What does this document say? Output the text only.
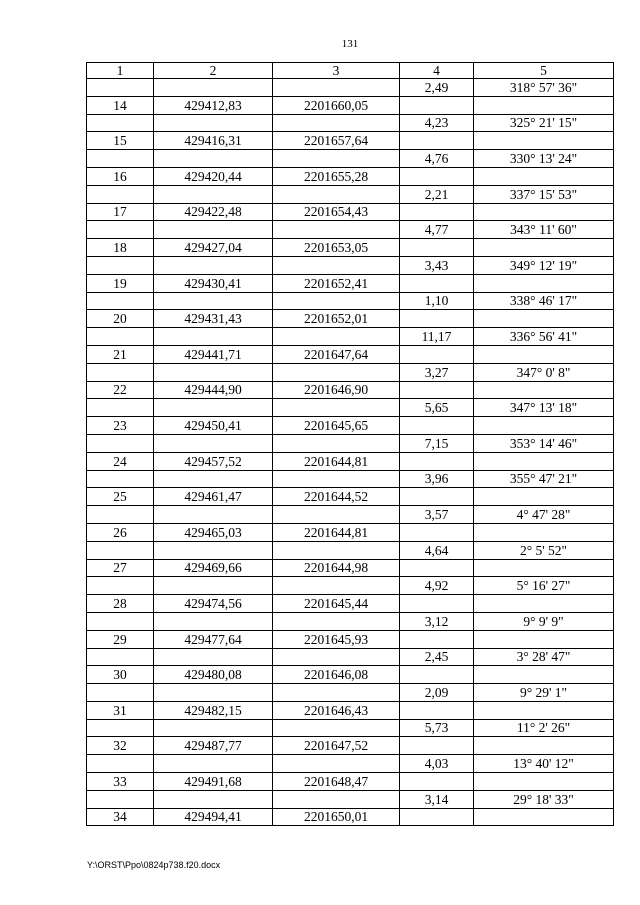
131
1	2	3	4	5
			2,49	318° 57' 36"
14	429412,83	2201660,05		
			4,23	325° 21' 15"
15	429416,31	2201657,64		
			4,76	330° 13' 24"
16	429420,44	2201655,28		
			2,21	337° 15' 53"
17	429422,48	2201654,43		
			4,77	343° 11' 60"
18	429427,04	2201653,05		
			3,43	349° 12' 19"
19	429430,41	2201652,41		
			1,10	338° 46' 17"
20	429431,43	2201652,01		
			11,17	336° 56' 41"
21	429441,71	2201647,64		
			3,27	347° 0' 8"
22	429444,90	2201646,90		
			5,65	347° 13' 18"
23	429450,41	2201645,65		
			7,15	353° 14' 46"
24	429457,52	2201644,81		
			3,96	355° 47' 21"
25	429461,47	2201644,52		
			3,57	4° 47' 28"
26	429465,03	2201644,81		
			4,64	2° 5' 52"
27	429469,66	2201644,98		
			4,92	5° 16' 27"
28	429474,56	2201645,44		
			3,12	9° 9' 9"
29	429477,64	2201645,93		
			2,45	3° 28' 47"
30	429480,08	2201646,08		
			2,09	9° 29' 1"
31	429482,15	2201646,43		
			5,73	11° 2' 26"
32	429487,77	2201647,52		
			4,03	13° 40' 12"
33	429491,68	2201648,47		
			3,14	29° 18' 33"
34	429494,41	2201650,01		
Y:\ORST\Ppo\0824p738.f20.docx
